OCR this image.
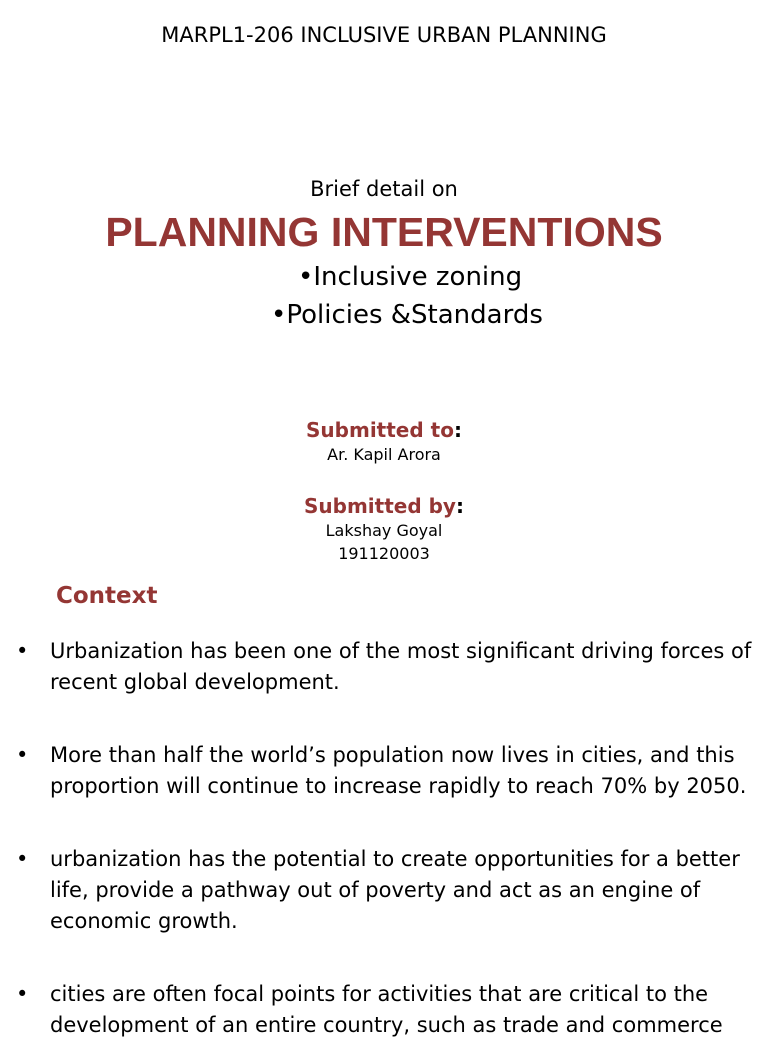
MARPL1-206 INCLUSIVE URBAN PLANNING
Brief detail on
PLANNING INTERVENTIONS
•Inclusive zoning
•Policies &Standards
Submitted to:
Ar. Kapil Arora
Submitted by:
Lakshay Goyal
191120003
Context
•	Urbanization has been one of the most significant driving forces of
recent global development.
•	More than half the world’s population now lives in cities, and this
proportion will continue to increase rapidly to reach 70% by 2050.
•	urbanization has the potential to create opportunities for a better
life, provide a pathway out of poverty and act as an engine of
economic growth.
•	cities are often focal points for activities that are critical to the
development of an entire country, such as trade and commerce
